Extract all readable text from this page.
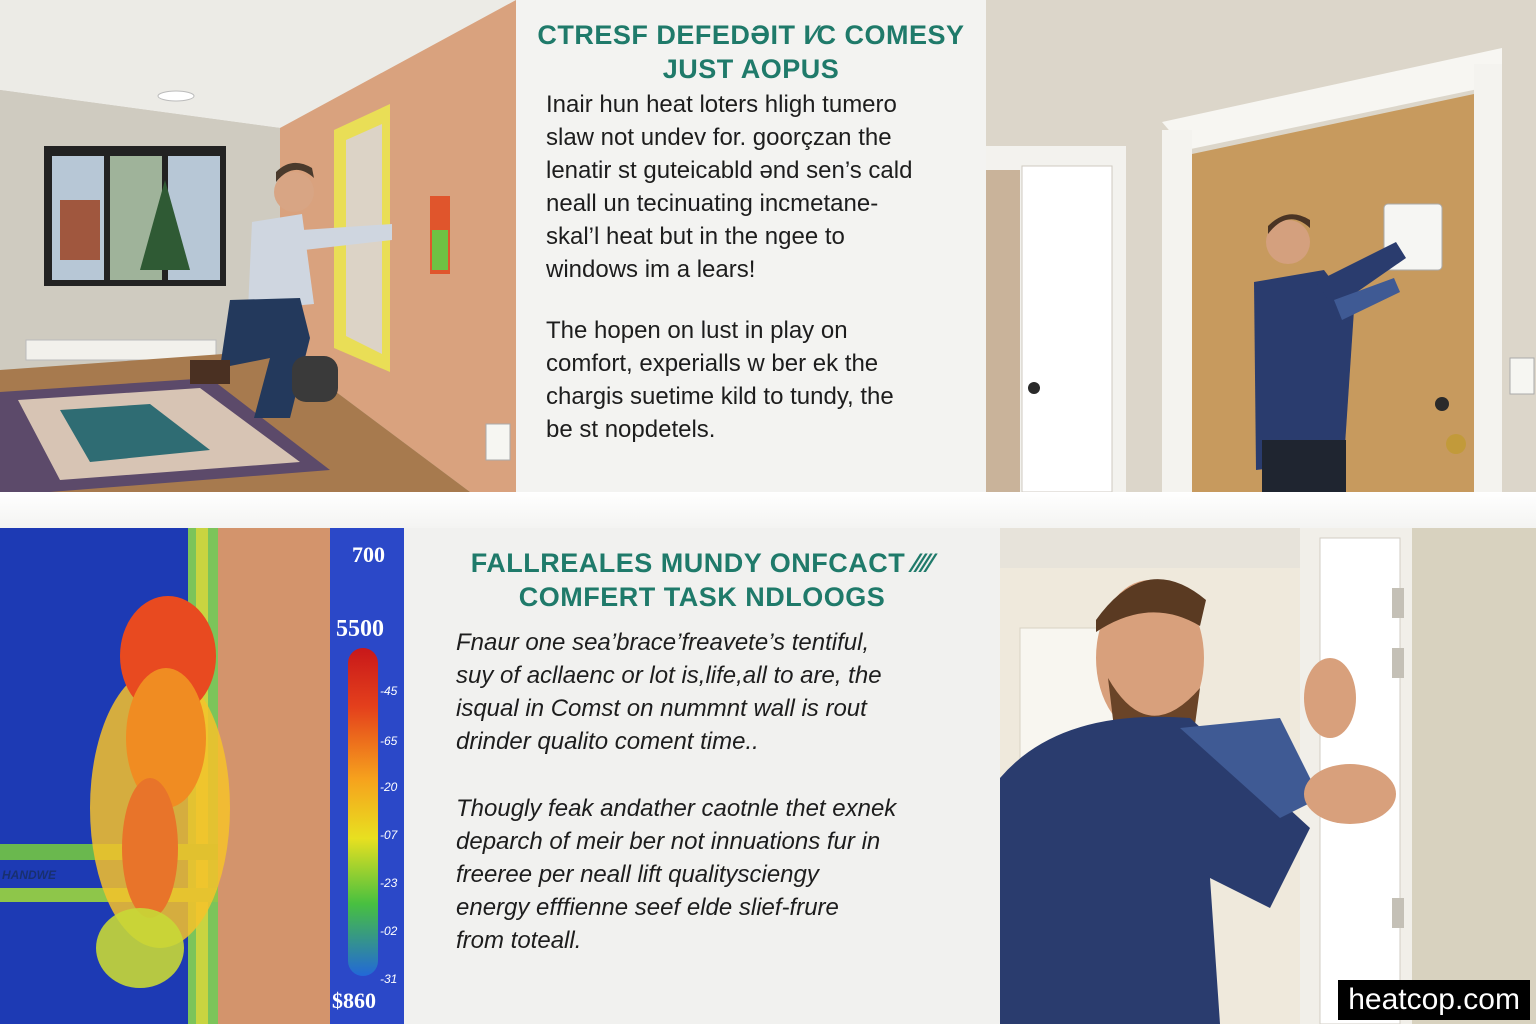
CTRESF DEFEDƏIT I⁄C COMESY
JUST AOPUS
Inair hun heat loters hligh tumero
slaw not undev for. goorçzan the
lenatir st guteicabld ənd sen’s cald
neall un tecinuating incmetane-
skal’l heat but in the ngee to
windows im a lears!
The hopen on lust in play on
comfort, experialls w ber ek the
chargis suetime kild to tundy, the
be st nopdetels.
700
5500
-45
-65
-20
-07
-23
-02
-31
$860
HANDWE
FALLREALES MUNDY ONFCACT ⁄⁄⁄⁄
COMFERT TASK NDLOOGS
Fnaur one sea’brace’freavete’s tentiful,
suy of acllaenc or lot is,life,all to are, the
isqual in Comst on nummnt wall is rout
drinder qualito coment time..
Thougly feak andather caotnle thet exnek
deparch of meir ber not innuations fur in
freeree per neall lift qualitysciengy
energy efffienne seef elde slief-frure
from toteall.
heatcop.com
